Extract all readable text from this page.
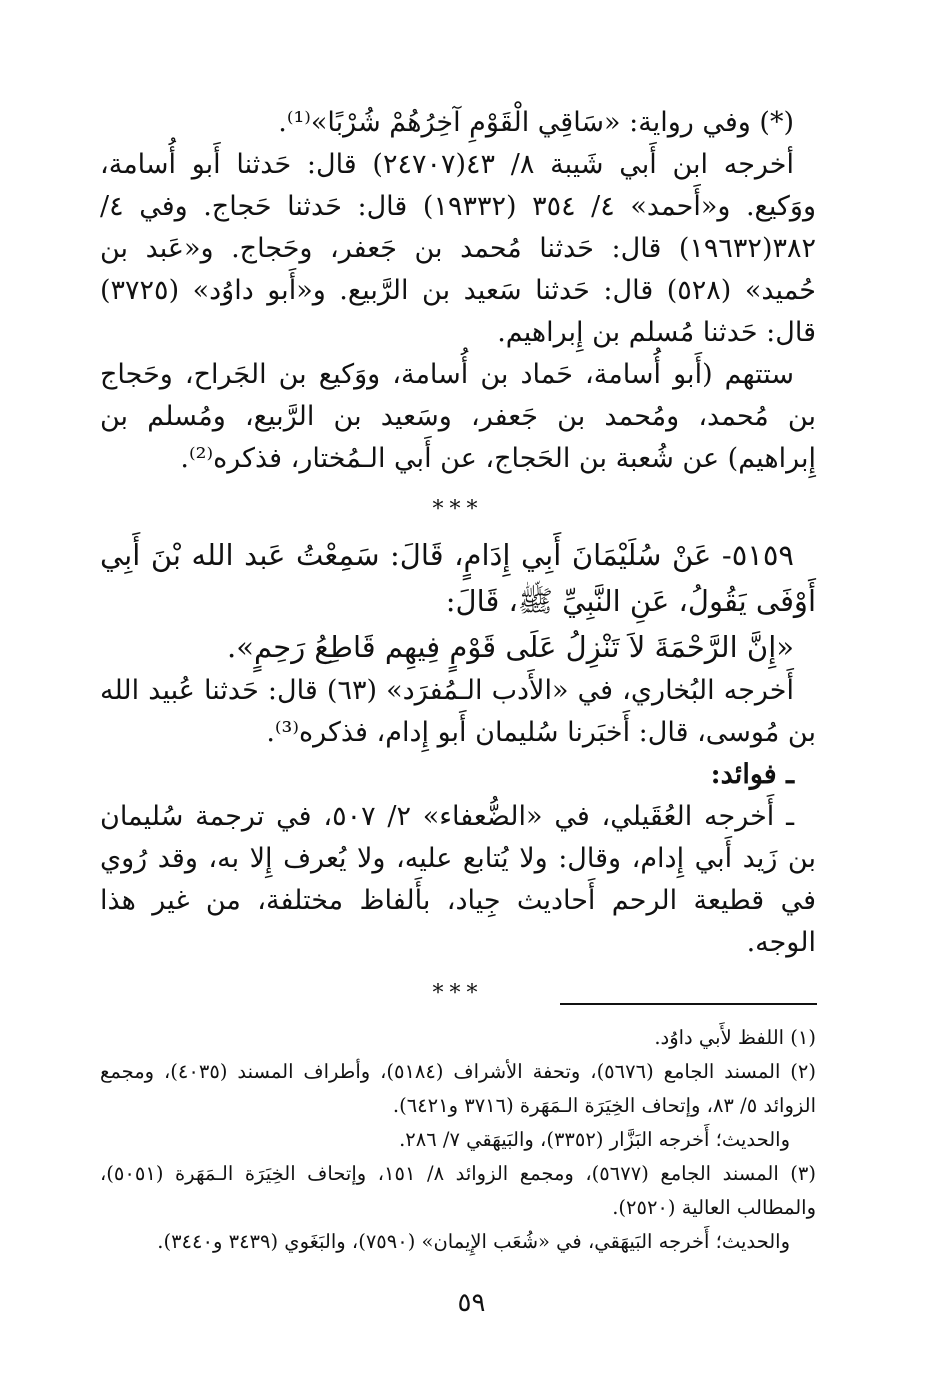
(*) وفي رواية: «سَاقِي الْقَوْمِ آخِرُهُمْ شُرْبًا»⁽¹⁾.

أخرجه ابن أَبي شَيبة ٨/ ٤٣(٢٤٧٠٧) قال: حَدثنا أَبو أُسامة، ووَكيع. و«أَحمد» ٤/ ٣٥٤ (١٩٣٣٢) قال: حَدثنا حَجاج. وفي ٤/ ٣٨٢(١٩٦٣٢) قال: حَدثنا مُحمد بن جَعفر، وحَجاج. و«عَبد بن حُميد» (٥٢٨) قال: حَدثنا سَعيد بن الرَّبيع. و«أَبو داوُد» (٣٧٢٥) قال: حَدثنا مُسلم بن إِبراهيم.

ستتهم (أَبو أُسامة، حَماد بن أُسامة، ووَكيع بن الجَراح، وحَجاج بن مُحمد، ومُحمد بن جَعفر، وسَعيد بن الرَّبيع، ومُسلم بن إِبراهيم) عن شُعبة بن الحَجاج، عن أَبي الـمُختار، فذكره⁽²⁾.

***

٥١٥٩- عَنْ سُلَيْمَانَ أَبِي إِدَامٍ، قَالَ: سَمِعْتُ عَبد الله بْنَ أَبِي أَوْفَى يَقُولُ، عَنِ النَّبِيِّ ﷺ، قَالَ:

«إِنَّ الرَّحْمَةَ لاَ تَنْزِلُ عَلَى قَوْمٍ فِيهِم قَاطِعُ رَحِمٍ».

أَخرجه البُخاري، في «الأَدب الـمُفرَد» (٦٣) قال: حَدثنا عُبيد الله بن مُوسى، قال: أَخبَرنا سُليمان أَبو إِدام، فذكره⁽³⁾.

ـ فوائد:

ـ أَخرجه العُقَيلي، في «الضُّعفاء» ٢/ ٥٠٧، في ترجمة سُليمان بن زَيد أَبي إِدام، وقال: ولا يُتابع عليه، ولا يُعرف إِلا به، وقد رُوي في قطيعة الرحم أَحاديث جِياد، بأَلفاظ مختلفة، من غير هذا الوجه.

***

(١) اللفظ لأَبي داوُد.

(٢) المسند الجامع (٥٦٧٦)، وتحفة الأشراف (٥١٨٤)، وأطراف المسند (٤٠٣٥)، ومجمع الزوائد ٥/ ٨٣، وإتحاف الخِيَرَة الـمَهَرة (٣٧١٦ و٦٤٢١).

والحديث؛ أَخرجه البَزَّار (٣٣٥٢)، والبَيهَقي ٧/ ٢٨٦.

(٣) المسند الجامع (٥٦٧٧)، ومجمع الزوائد ٨/ ١٥١، وإتحاف الخِيَرَة الـمَهَرة (٥٠٥١)، والمطالب العالية (٢٥٢٠).

والحديث؛ أَخرجه البَيهَقي، في «شُعَب الإِيمان» (٧٥٩٠)، والبَغَوي (٣٤٣٩ و٣٤٤٠).

٥٩
